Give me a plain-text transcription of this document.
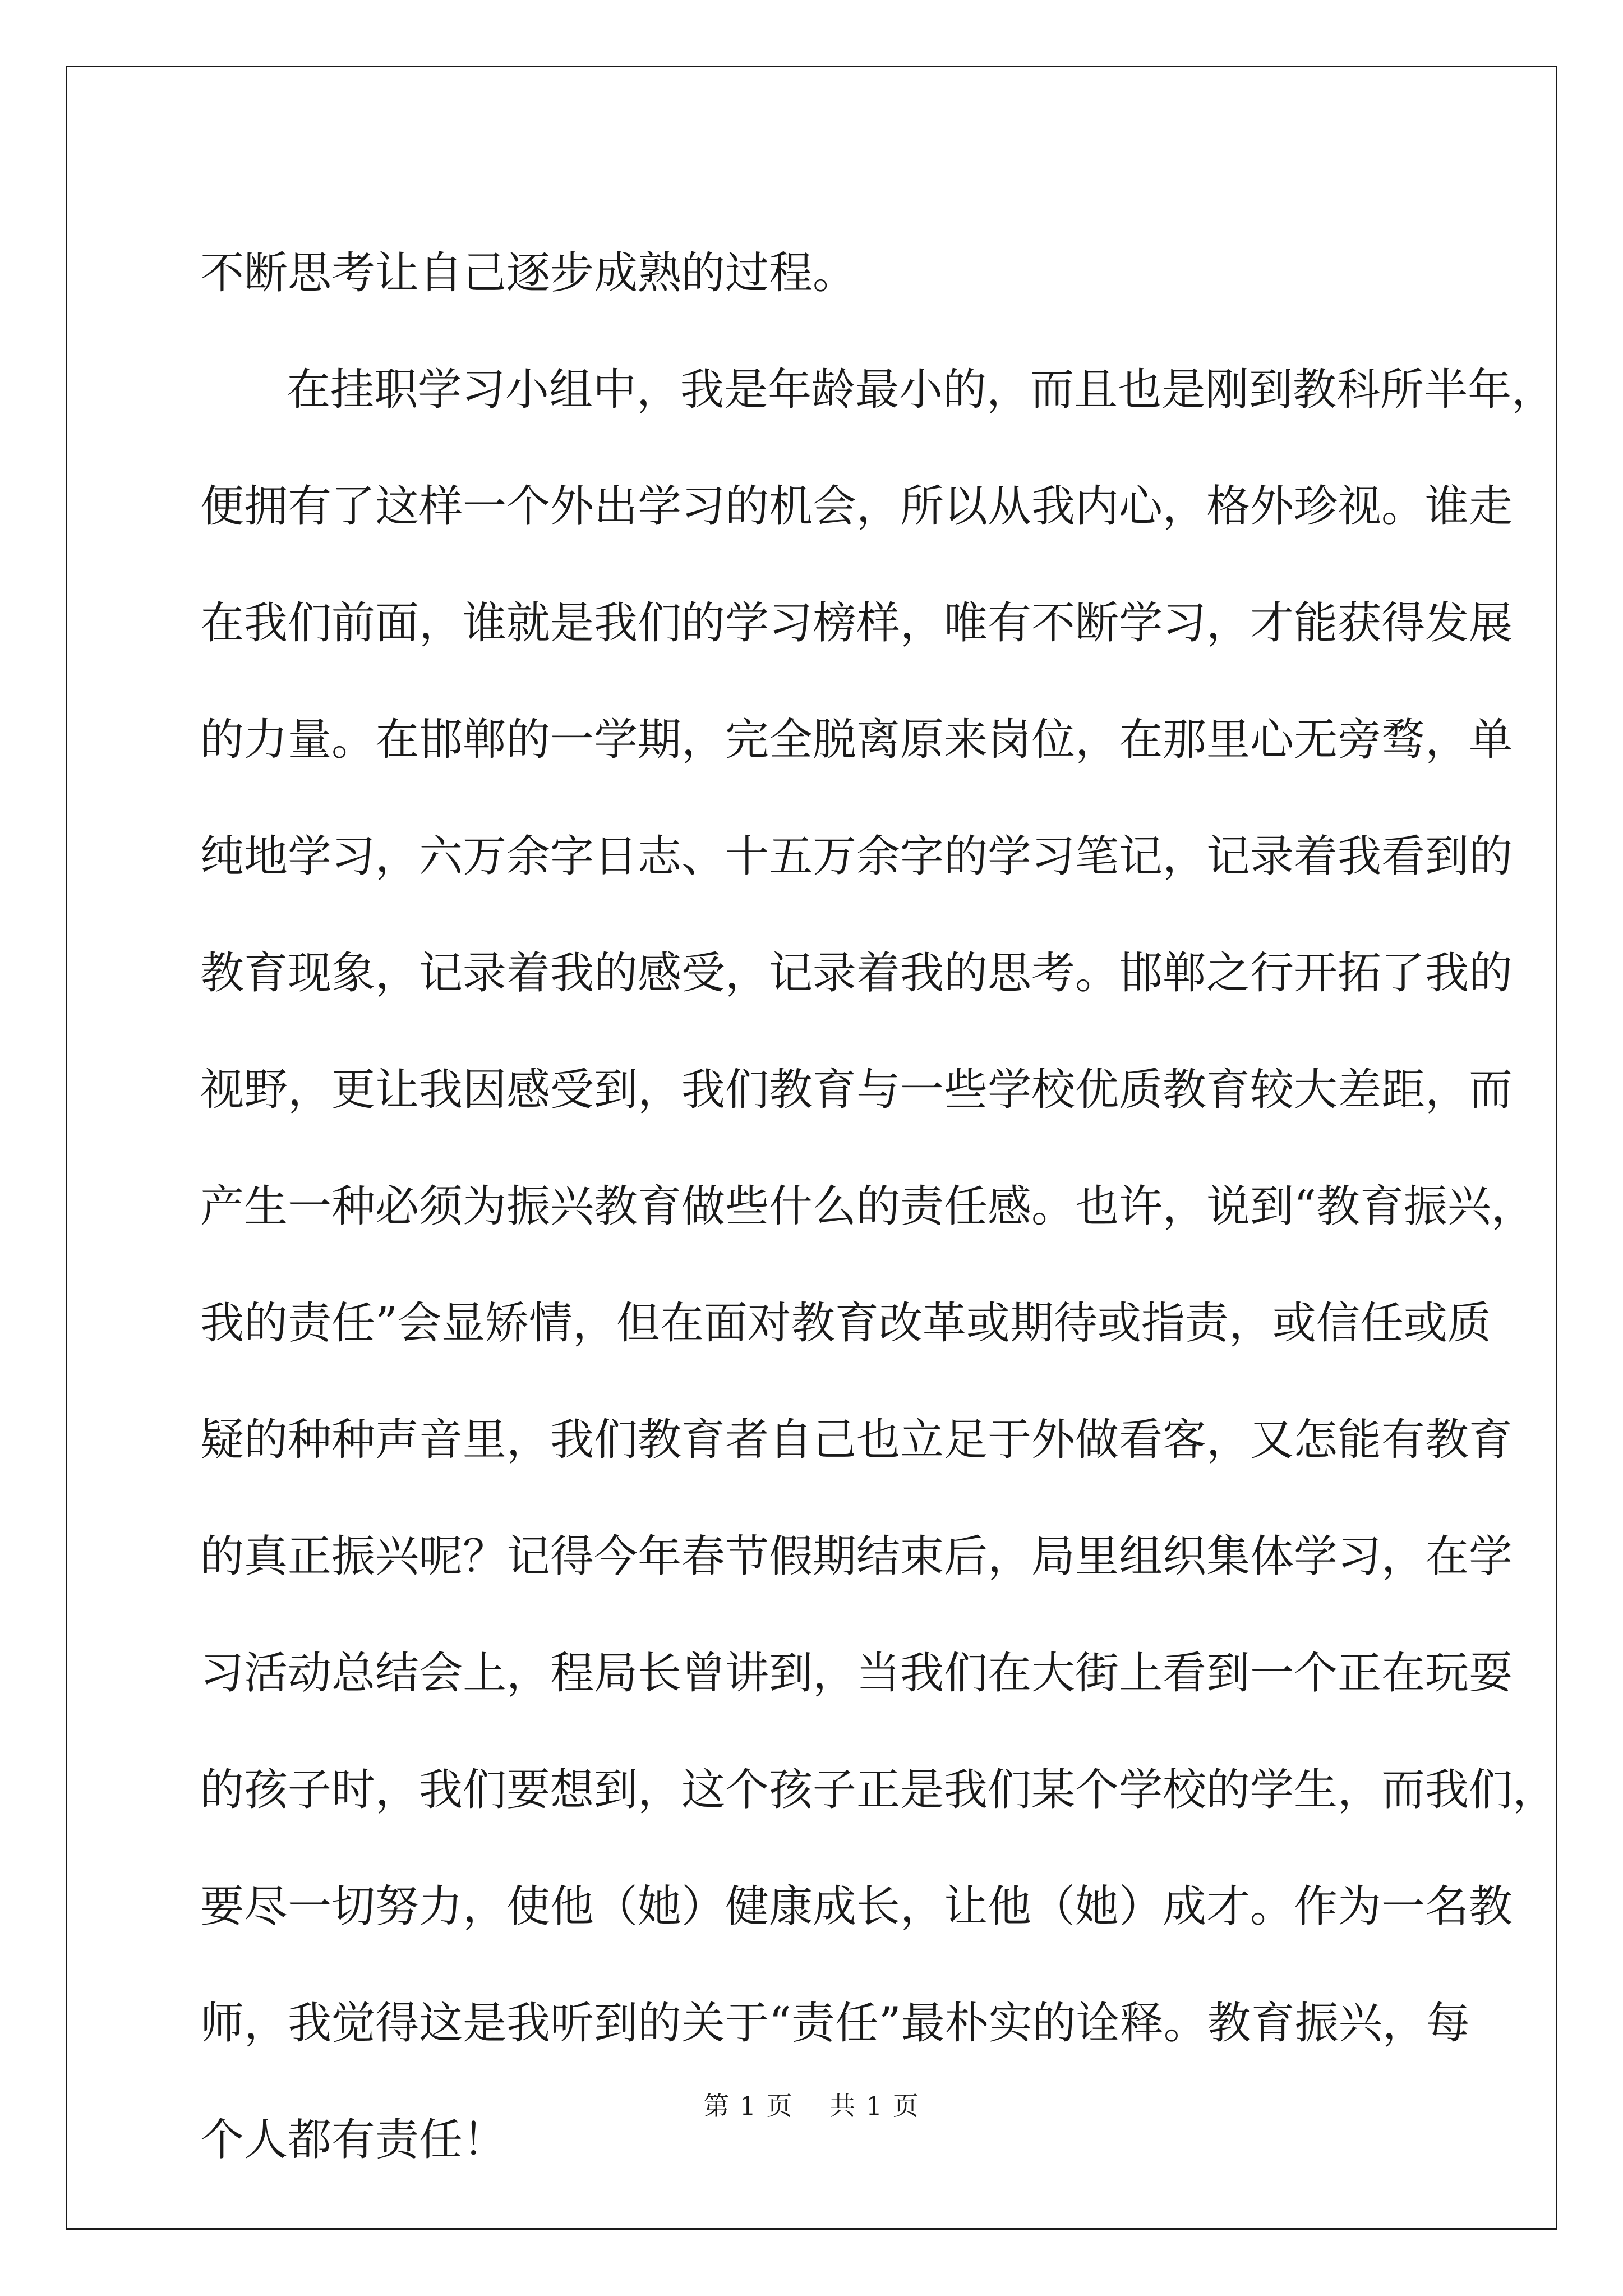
不断思考让自己逐步成熟的过程。
在挂职学习小组中，我是年龄最小的，而且也是刚到教科所半年，
便拥有了这样一个外出学习的机会，所以从我内心，格外珍视。谁走
在我们前面，谁就是我们的学习榜样，唯有不断学习，才能获得发展
的力量。在邯郸的一学期，完全脱离原来岗位，在那里心无旁骛，单
纯地学习，六万余字日志、十五万余字的学习笔记，记录着我看到的
教育现象，记录着我的感受，记录着我的思考。邯郸之行开拓了我的
视野，更让我因感受到，我们教育与一些学校优质教育较大差距，而
产生一种必须为振兴教育做些什么的责任感。也许，说到“教育振兴，
我的责任”会显矫情，但在面对教育改革或期待或指责，或信任或质
疑的种种声音里，我们教育者自己也立足于外做看客，又怎能有教育
的真正振兴呢？记得今年春节假期结束后，局里组织集体学习，在学
习活动总结会上，程局长曾讲到，当我们在大街上看到一个正在玩耍
的孩子时，我们要想到，这个孩子正是我们某个学校的学生，而我们，
要尽一切努力，使他（她）健康成长，让他（她）成才。作为一名教
师，我觉得这是我听到的关于“责任”最朴实的诠释。教育振兴，每
个人都有责任！
第 1 页　 共 1 页
